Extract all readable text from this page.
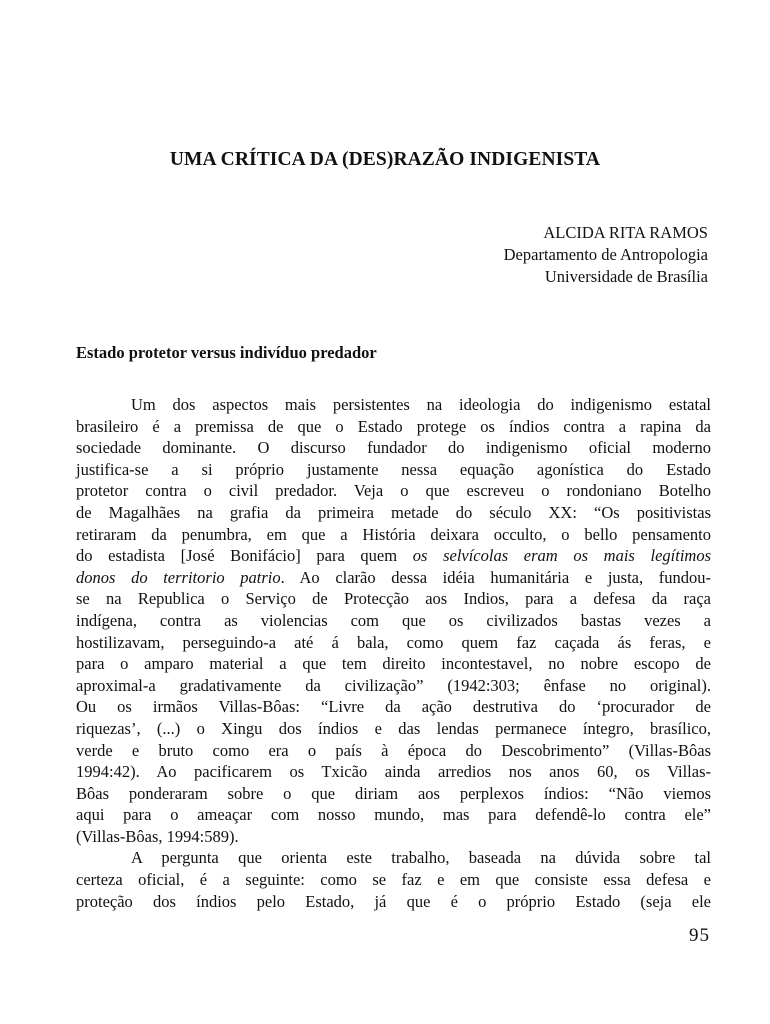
UMA CRÍTICA DA (DES)RAZÃO INDIGENISTA
ALCIDA RITA RAMOS
Departamento de Antropologia
Universidade de Brasília
Estado protetor versus indivíduo predador
Um dos aspectos mais persistentes na ideologia do indigenismo estatal
brasileiro é a premissa de que o Estado protege os índios contra a rapina da
sociedade dominante. O discurso fundador do indigenismo oficial moderno
justifica-se a si próprio justamente nessa equação agonística do Estado
protetor contra o civil predador. Veja o que escreveu o rondoniano Botelho
de Magalhães na grafia da primeira metade do século XX: “Os positivistas
retiraram da penumbra, em que a História deixara occulto, o bello pensamento
do estadista [José Bonifácio] para quem os selvícolas eram os mais legítimos
donos do territorio patrio. Ao clarão dessa idéia humanitária e justa, fundou-
se na Republica o Serviço de Protecção aos Indios, para a defesa da raça
indígena, contra as violencias com que os civilizados bastas vezes a
hostilizavam, perseguindo-a até á bala, como quem faz caçada ás feras, e
para o amparo material a que tem direito incontestavel, no nobre escopo de
aproximal-a gradativamente da civilização” (1942:303; ênfase no original).
Ou os irmãos Villas-Bôas: “Livre da ação destrutiva do ‘procurador de
riquezas’, (...) o Xingu dos índios e das lendas permanece íntegro, brasílico,
verde e bruto como era o país à época do Descobrimento” (Villas-Bôas
1994:42). Ao pacificarem os Txicão ainda arredios nos anos 60, os Villas-
Bôas ponderaram sobre o que diriam aos perplexos índios: “Não viemos
aqui para o ameaçar com nosso mundo, mas para defendê-lo contra ele”
(Villas-Bôas, 1994:589).
A pergunta que orienta este trabalho, baseada na dúvida sobre tal
certeza oficial, é a seguinte: como se faz e em que consiste essa defesa e
proteção dos índios pelo Estado, já que é o próprio Estado (seja ele
95
